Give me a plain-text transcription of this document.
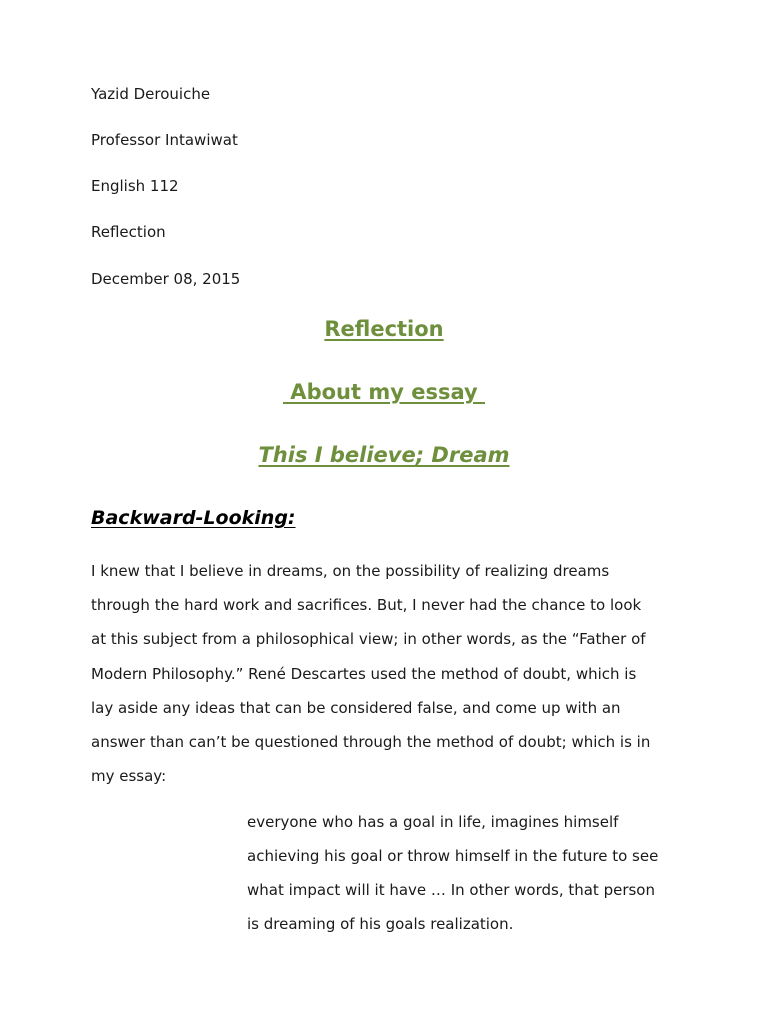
Yazid Derouiche
Professor Intawiwat
English 112
Reflection
December 08, 2015
Reflection
About my essay
This I believe; Dream
Backward-Looking:
I knew that I believe in dreams, on the possibility of realizing dreams
through the hard work and sacrifices. But, I never had the chance to look
at this subject from a philosophical view; in other words, as the “Father of
Modern Philosophy.” René Descartes used the method of doubt, which is
lay aside any ideas that can be considered false, and come up with an
answer than can’t be questioned through the method of doubt; which is in
my essay:
everyone who has a goal in life, imagines himself
achieving his goal or throw himself in the future to see
what impact will it have … In other words, that person
is dreaming of his goals realization.
